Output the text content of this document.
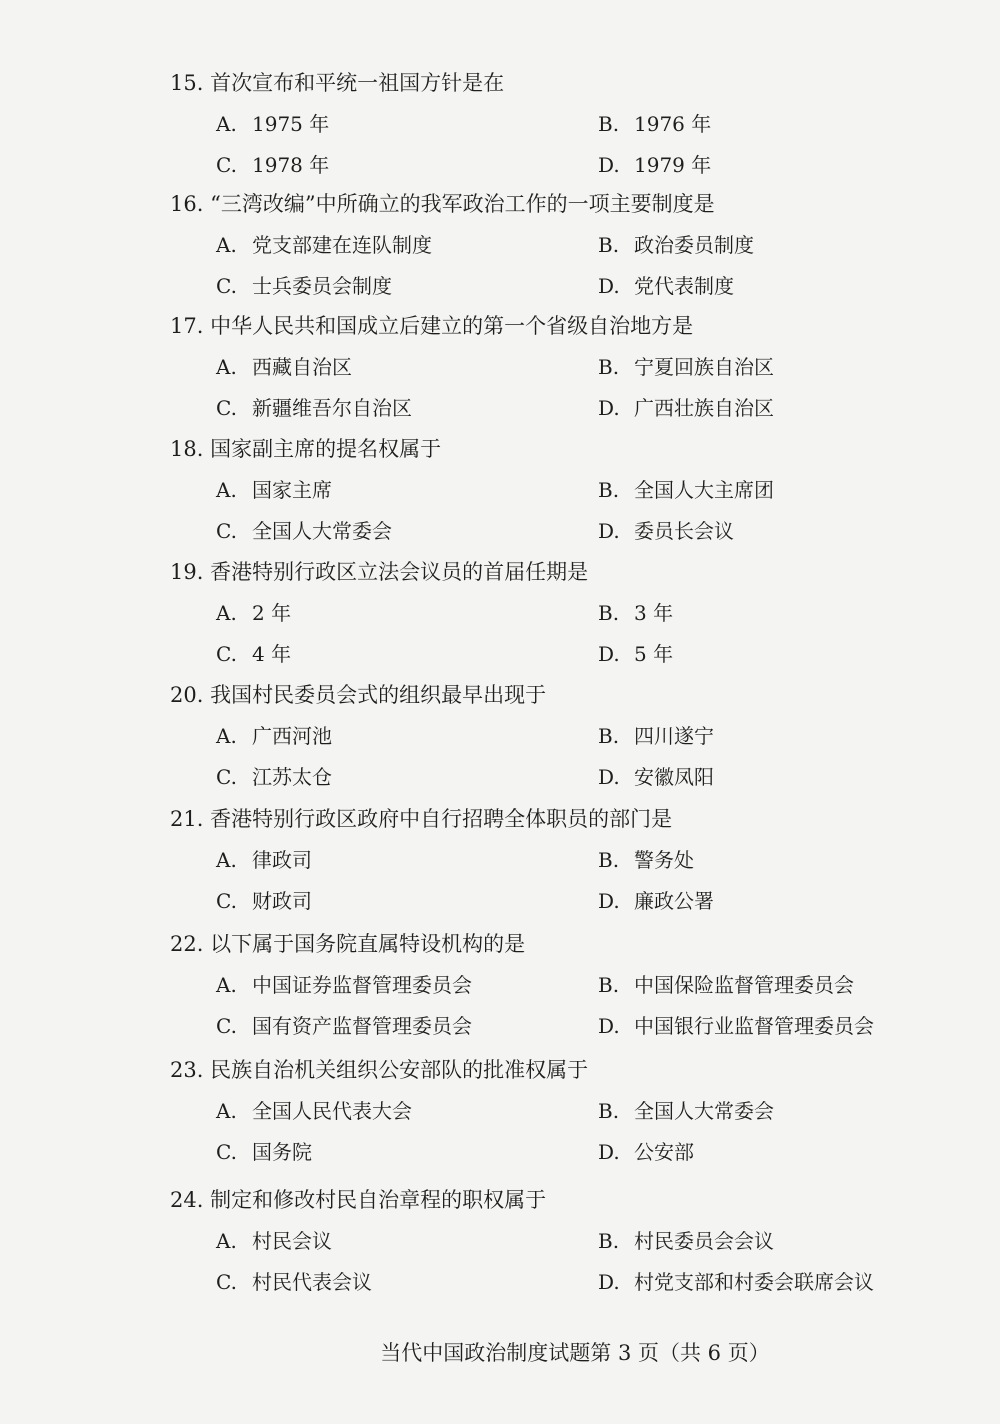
15. 首次宣布和平统一祖国方针是在
A. 1975 年	B. 1976 年
C. 1978 年	D. 1979 年
16. “三湾改编”中所确立的我军政治工作的一项主要制度是
A. 党支部建在连队制度	B. 政治委员制度
C. 士兵委员会制度	D. 党代表制度
17. 中华人民共和国成立后建立的第一个省级自治地方是
A. 西藏自治区	B. 宁夏回族自治区
C. 新疆维吾尔自治区	D. 广西壮族自治区
18. 国家副主席的提名权属于
A. 国家主席	B. 全国人大主席团
C. 全国人大常委会	D. 委员长会议
19. 香港特别行政区立法会议员的首届任期是
A. 2 年	B. 3 年
C. 4 年	D. 5 年
20. 我国村民委员会式的组织最早出现于
A. 广西河池	B. 四川遂宁
C. 江苏太仓	D. 安徽凤阳
21. 香港特别行政区政府中自行招聘全体职员的部门是
A. 律政司	B. 警务处
C. 财政司	D. 廉政公署
22. 以下属于国务院直属特设机构的是
A. 中国证券监督管理委员会	B. 中国保险监督管理委员会
C. 国有资产监督管理委员会	D. 中国银行业监督管理委员会
23. 民族自治机关组织公安部队的批准权属于
A. 全国人民代表大会	B. 全国人大常委会
C. 国务院	D. 公安部
24. 制定和修改村民自治章程的职权属于
A. 村民会议	B. 村民委员会会议
C. 村民代表会议	D. 村党支部和村委会联席会议
当代中国政治制度试题第 3 页（共 6 页）
